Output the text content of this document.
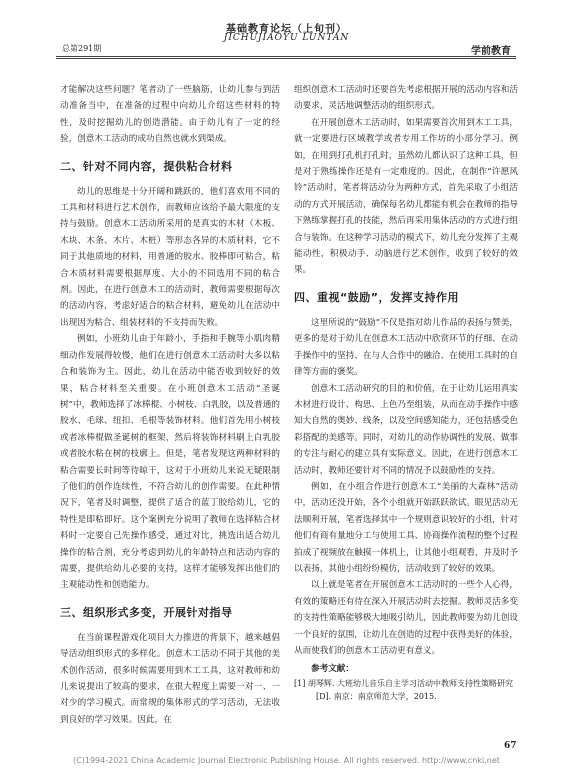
基础教育论坛（上旬刊）
JICHUJIAOYU LUNTAN
总第291期	学前教育

才能解决这些问题？笔者动了一些脑筋，让幼儿参与到活动准备当中，在准备的过程中向幼儿介绍这些材料的特性，及时挖掘幼儿的创造潜能。由于幼儿有了一定的经验，创意木工活动的成功自然也就水到渠成。

二、针对不同内容，提供粘合材料

幼儿的思维是十分开阔和跳跃的，他们喜欢用不同的工具和材料进行艺术创作，而教师应该给予最大限度的支持与鼓励。创意木工活动所采用的是真实的木材（木板、木块、木条、木片、木桩）等形态各异的木质材料，它不同于其他质地的材料，用普通的胶水、胶棒即可粘合，粘合木质材料需要根据厚度、大小的不同选用不同的粘合剂。因此，在进行创意木工的活动时，教师需要根据每次的活动内容，考虑好适合的粘合材料，避免幼儿在活动中出现因为粘合、组装材料的不支持而失败。

例如，小班幼儿由于年龄小，手指和手腕等小肌肉精细动作发展得较慢，他们在进行创意木工活动时大多以粘合和装饰为主。因此，幼儿在活动中能否收到较好的效果，粘合材料至关重要。在小班创意木工活动“圣诞树”中，教师选择了冰棒棍、小树枝、白乳胶，以及普通的胶水、毛球、纽扣、毛根等装饰材料。他们首先用小树枝或者冰棒棍做圣诞树的框架，然后将装饰材料刷上白乳胶或者胶水粘在树的枝廓上。但是，笔者发现这两种材料的粘合需要长时间等待晾干，这对于小班幼儿来说无疑限制了他们的创作连续性，不符合幼儿的创作需要。在此种情况下，笔者及时调整，提供了适合的蓝丁胶给幼儿，它的特性是即粘即好。这个案例充分说明了教师在选择粘合材料时一定要自己先操作感受，通过对比，挑选出适合幼儿操作的粘合剂，充分考虑到幼儿的年龄特点和活动内容的需要，提供给幼儿必要的支持，这样才能够发挥出他们的主观能动性和创造能力。

三、组织形式多变，开展针对指导

在当前课程游戏化项目大力推进的背景下，越来越倡导活动组织形式的多样化。创意木工活动不同于其他的美术创作活动，很多时候需要用到木工工具，这对教师和幼儿来说提出了较高的要求，在很大程度上需要一对一、一对少的学习模式。而常规的集体形式的学习活动，无法收到良好的学习效果。因此，在

组织创意木工活动时还要首先考虑根据开展的活动内容和活动要求，灵活地调整活动的组织形式。

在开展创意木工活动时，如果需要首次用到木工工具，就一定要进行区域教学或者专用工作坊的小部分学习。例如，在用到打孔机打孔时，虽然幼儿都认识了这种工具，但是对于熟练操作还是有一定难度的。因此，在制作“许愿风铃”活动时，笔者将活动分为两种方式，首先采取了小组活动的方式开展活动，确保每名幼儿都能有机会在教师的指导下熟练掌握打孔的技能，然后再采用集体活动的方式进行组合与装饰。在这种学习活动的模式下，幼儿充分发挥了主观能动性，积极动手、动脑进行艺术创作，收到了较好的效果。

四、重视“鼓励”，发挥支持作用

这里所说的“鼓励”不仅是指对幼儿作品的表扬与赞美，更多的是对于幼儿在创意木工活动中欣赏环节的仔细、在动手操作中的坚持、在与人合作中的融洽、在使用工具时的自律等方面的褒奖。

创意木工活动研究的目的和价值，在于让幼儿运用真实木材进行设计、构思、上色乃至组装，从而在动手操作中感知大自然的奥妙、线条，以及空间感知能力，还包括感受色彩搭配的美感等。同时，对幼儿的动作协调性的发展、做事的专注与耐心的建立具有实际意义。因此，在进行创意木工活动时，教师还要针对不同的情况予以鼓励性的支持。

例如，在小组合作进行创意木工“美丽的大森林”活动中，活动还没开始，各个小组就开始跃跃欲试。眼见活动无法顺利开展，笔者选择其中一个规则意识较好的小组，针对他们有商有量地分工与使用工具、协商操作流程的整个过程拍成了视频放在触摸一体机上，让其他小组观看，并及时予以表扬，其他小组纷纷模仿，活动收到了较好的效果。

以上就是笔者在开展创意木工活动时的一些个人心得，有效的策略还有待在深入开展活动时去挖掘。教师灵活多变的支持性策略能够极大地吸引幼儿，因此教师要为幼儿创设一个良好的氛围，让幼儿在创造的过程中获得美好的体验，从而使我们的创意木工活动更有意义。

参考文献：

[1] 胡琴辉. 大班幼儿音乐自主学习活动中教师支持性策略研究[D]. 南京：南京师范大学，2015.

67
(C)1994-2021 China Academic Journal Electronic Publishing House. All rights reserved. http://www.cnki.net
